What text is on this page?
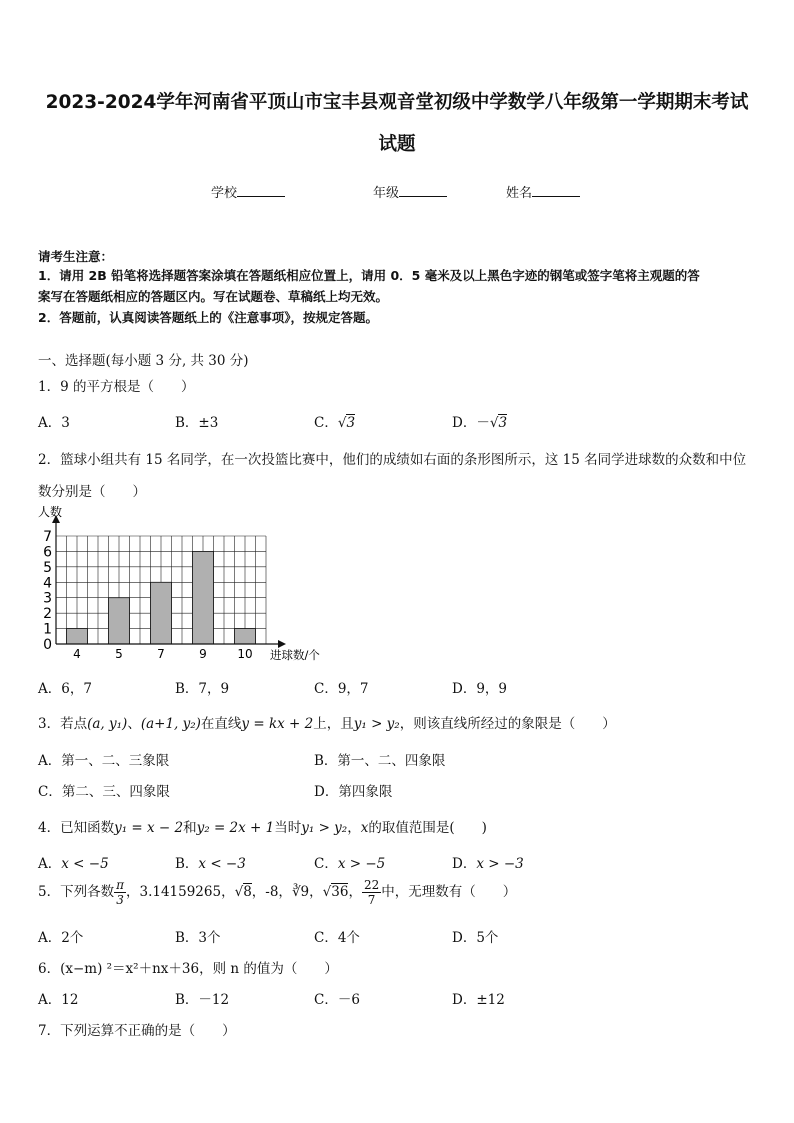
2023-2024学年河南省平顶山市宝丰县观音堂初级中学数学八年级第一学期期末考试
试题
学校	年级	姓名
请考生注意：
1．请用 2B 铅笔将选择题答案涂填在答题纸相应位置上，请用 0．5 毫米及以上黑色字迹的钢笔或签字笔将主观题的答
案写在答题纸相应的答题区内。写在试题卷、草稿纸上均无效。
2．答题前，认真阅读答题纸上的《注意事项》，按规定答题。
一、选择题(每小题 3 分, 共 30 分)
1．9 的平方根是（　　）
A．3	B．±3	C．√3	D．－√3
2．篮球小组共有 15 名同学，在一次投篮比赛中，他们的成绩如右面的条形图所示，这 15 名同学进球数的众数和中位
数分别是（　　）
0
1
2
3
4
5
6
7
4	5	7	9	10
人数
进球数/个
A．6，7	B．7，9	C．9，7	D．9，9
3．若点(a, y₁)、(a+1, y₂)在直线y = kx + 2上，且y₁ > y₂，则该直线所经过的象限是（　　）
A．第一、二、三象限	B．第一、二、四象限
C．第二、三、四象限	D．第四象限
4．已知函数y₁ = x − 2和y₂ = 2x + 1当时y₁ > y₂，x的取值范围是(　　)
A．x < −5	B．x < −3	C．x > −5	D．x > −3
5．下列各数 $\frac{\pi}{3}$ ，3.14159265，√8，-8，∛9，√36， $\frac{22}{7}$ 中，无理数有（　　）
A．2个	B．3个	C．4个	D．5个
6．(x−m) ²＝x²＋nx＋36，则 n 的值为（　　）
A．12	B．－12	C．－6	D．±12
7．下列运算不正确的是（　　）
